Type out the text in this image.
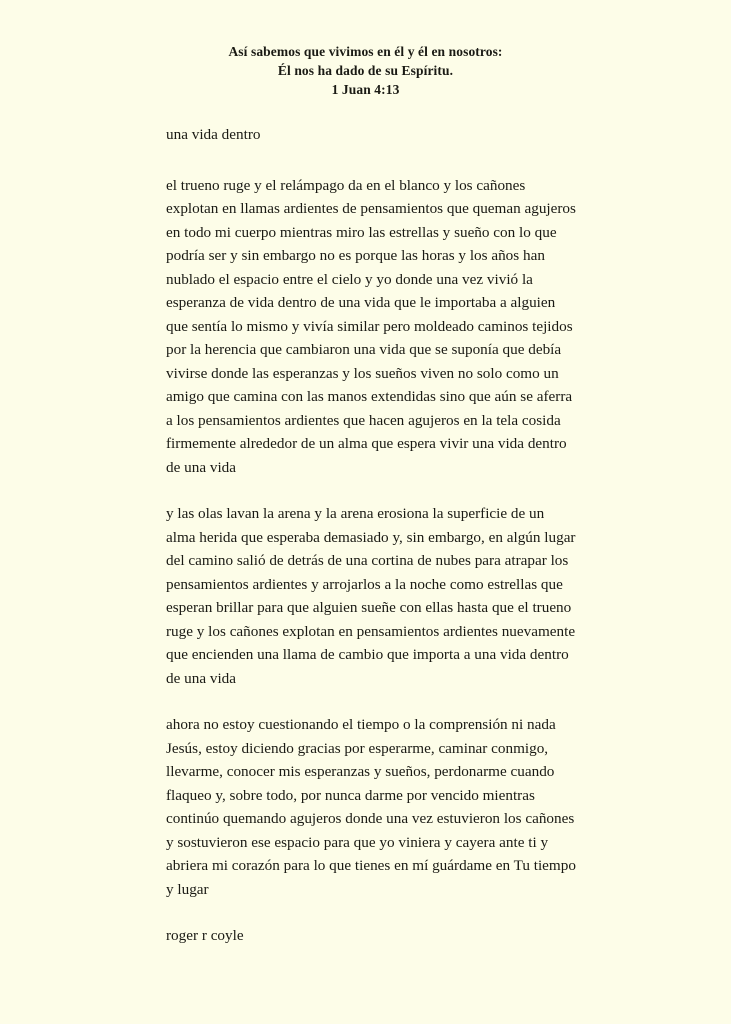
Así sabemos que vivimos en él y él en nosotros:
Él nos ha dado de su Espíritu.
1 Juan 4:13

una vida dentro

el trueno ruge y el relámpago da en el blanco y los cañones explotan en llamas ardientes de pensamientos que queman agujeros en todo mi cuerpo mientras miro las estrellas y sueño con lo que podría ser y sin embargo no es porque las horas y los años han nublado el espacio entre el cielo y yo donde una vez vivió la esperanza de vida dentro de una vida que le importaba a alguien que sentía lo mismo y vivía similar pero moldeado caminos tejidos por la herencia que cambiaron una vida que se suponía que debía vivirse donde las esperanzas y los sueños viven no solo como un amigo que camina con las manos extendidas sino que aún se aferra a los pensamientos ardientes que hacen agujeros en la tela cosida firmemente alrededor de un alma que espera vivir una vida dentro de una vida

y las olas lavan la arena y la arena erosiona la superficie de un alma herida que esperaba demasiado y, sin embargo, en algún lugar del camino salió de detrás de una cortina de nubes para atrapar los pensamientos ardientes y arrojarlos a la noche como estrellas que esperan brillar para que alguien sueñe con ellas hasta que el trueno ruge y los cañones explotan en pensamientos ardientes nuevamente que encienden una llama de cambio que importa a una vida dentro de una vida

ahora no estoy cuestionando el tiempo o la comprensión ni nada Jesús, estoy diciendo gracias por esperarme, caminar conmigo, llevarme, conocer mis esperanzas y sueños, perdonarme cuando flaqueo y, sobre todo, por nunca darme por vencido mientras continúo quemando agujeros donde una vez estuvieron los cañones y sostuvieron ese espacio para que yo viniera y cayera ante ti y abriera mi corazón para lo que tienes en mí guárdame en Tu tiempo y lugar

roger r coyle
